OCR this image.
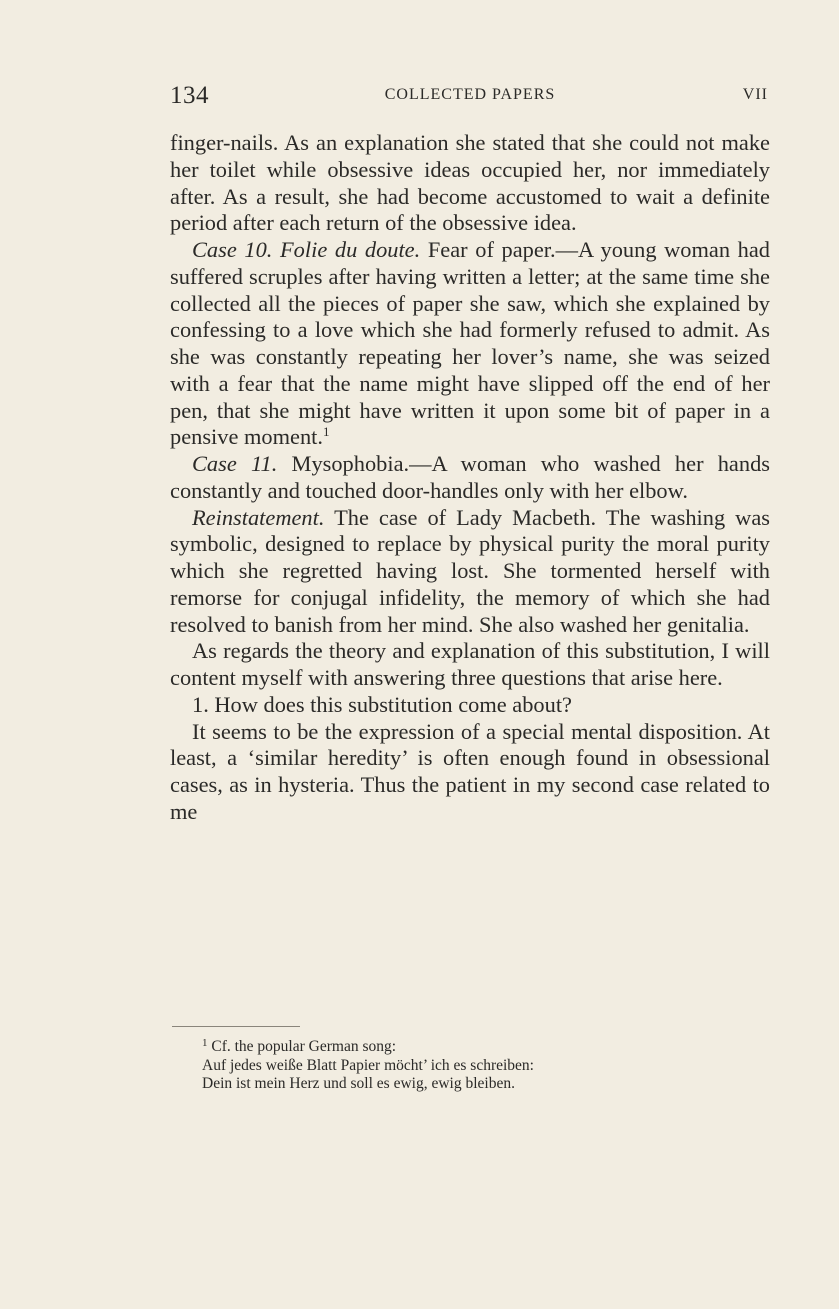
134	COLLECTED PAPERS	VII

finger-nails. As an explanation she stated that she could not make her toilet while obsessive ideas occupied her, nor immediately after. As a result, she had become accustomed to wait a definite period after each return of the obsessive idea.

Case 10. Folie du doute. Fear of paper.—A young woman had suffered scruples after having written a letter; at the same time she collected all the pieces of paper she saw, which she explained by confessing to a love which she had formerly refused to admit. As she was constantly repeating her lover’s name, she was seized with a fear that the name might have slipped off the end of her pen, that she might have written it upon some bit of paper in a pensive moment.$^1$

Case 11. Mysophobia.—A woman who washed her hands constantly and touched door-handles only with her elbow.

Reinstatement. The case of Lady Macbeth. The washing was symbolic, designed to replace by physical purity the moral purity which she regretted having lost. She tormented herself with remorse for conjugal infidelity, the memory of which she had resolved to banish from her mind. She also washed her genitalia.

As regards the theory and explanation of this substitution, I will content myself with answering three questions that arise here.

1. How does this substitution come about?

It seems to be the expression of a special mental disposition. At least, a ‘similar heredity’ is often enough found in obsessional cases, as in hysteria. Thus the patient in my second case related to me

$^1$ Cf. the popular German song:
Auf jedes weiße Blatt Papier möcht’ ich es schreiben:
Dein ist mein Herz und soll es ewig, ewig bleiben.
